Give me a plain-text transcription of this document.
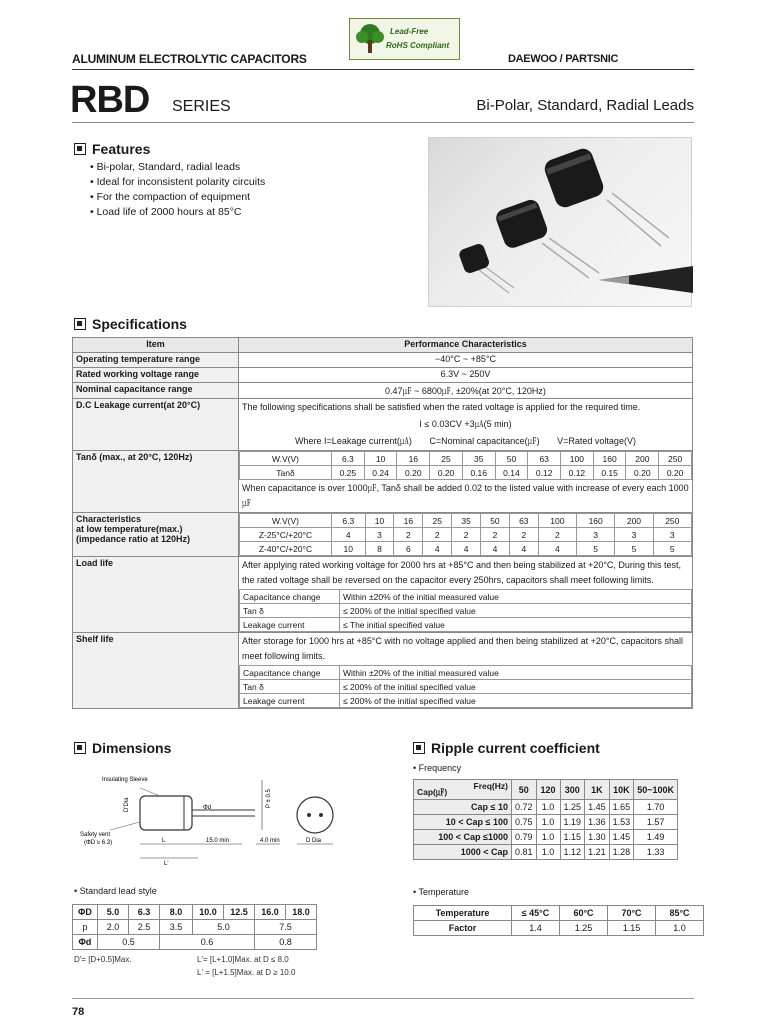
Lead-Free
RoHS Compliant
ALUMINUM ELECTROLYTIC CAPACITORS	DAEWOO / PARTSNIC
RBD SERIES	Bi-Polar, Standard, Radial Leads
Features
• Bi-polar, Standard, radial leads
• Ideal for inconsistent polarity circuits
• For the compaction of equipment
• Load life of 2000 hours at 85°C
Specifications
Item	Performance Characteristics
Operating temperature range	−40°C ~ +85°C
Rated working voltage range	6.3V ~ 250V
Nominal capacitance range	0.47㎌ ~ 6800㎌, ±20%(at 20°C, 120Hz)
D.C Leakage current(at 20°C)	The following specifications shall be satisfied when the rated voltage is applied for the required time.
I ≤ 0.03CV +3㎂(5 min)
Where I=Leakage current(㎂)       C=Nominal capacitance(㎌)       V=Rated voltage(V)

Tanδ (max., at 20°C, 120Hz)		W.V(V)	6.3	10	16	25	35	50	63	100	160	200	250
Tanδ	0.25	0.24	0.20	0.20	0.16	0.14	0.12	0.12	0.15	0.20	0.20
When capacitance is over 1000㎌, Tanδ shall be added 0.02 to the listed value with increase of every each 1000㎌

Characteristics
at low temperature(max.)
(impedance ratio at 120Hz)

W.V(V)	6.3	10	16	25	35	50	63	100	160	200	250
Z-25°C/+20°C	4	3	2	2	2	2	2	2	3	3	3
Z-40°C/+20°C	10	8	6	4	4	4	4	4	5	5	5

Load life	After applying rated working voltage for 2000 hrs at +85°C and then being stabilized at +20°C, During this test, the rated voltage shall be reversed on the capacitor every 250hrs, capacitors shall meet following limits.
Capacitance change	Within ±20% of the initial measured value
Tan δ	≤ 200% of the initial specified value
Leakage current	≤ The initial specified value

Shelf life	After storage for 1000 hrs at +85°C with no voltage applied and then being stabilized at +20°C, capacitors shall meet following limits.
Capacitance change	Within ±20% of the initial measured value
Tan δ	≤ 200% of the initial specified value
Leakage current	≤ 200% of the initial specified value
Dimensions
Insulating Sleeve
D'Dia	Φd	P ± 0.5
Safety vent
(ΦD ≥ 6.3)	L	15.0 min	4.0 min	D Dia
L'
Ripple current coefficient
• Frequency
Freq(Hz)
Cap(㎌)	50	120	300	1K	10K	50~100K
Cap ≤ 10	0.72	1.0	1.25	1.45	1.65	1.70
10 < Cap ≤ 100	0.75	1.0	1.19	1.36	1.53	1.57
100 < Cap ≤1000	0.79	1.0	1.15	1.30	1.45	1.49
1000 < Cap	0.81	1.0	1.12	1.21	1.28	1.33
• Standard lead style
ΦD	5.0	6.3	8.0	10.0	12.5	16.0	18.0
p	2.0	2.5	3.5	5.0		7.5	
Φd	0.5		0.6			0.8	
D'= [D+0.5]Max.	L'= [L+1.0]Max. at D ≤ 8.0
L' = [L+1.5]Max. at D ≥ 10.0
• Temperature
Temperature	≤ 45°C	60°C	70°C	85°C
Factor	1.4	1.25	1.15	1.0
78
